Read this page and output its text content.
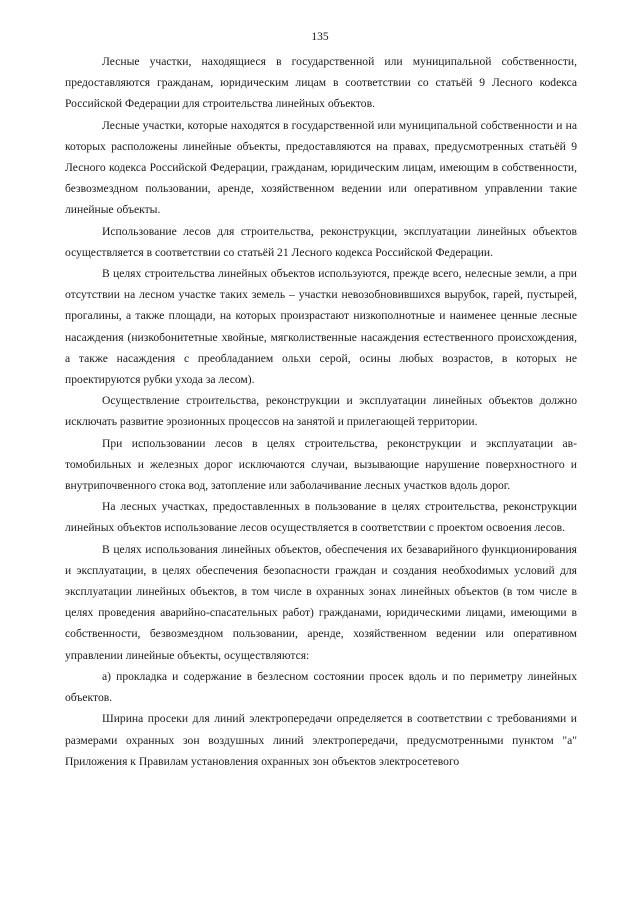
135

Лесные участки, находящиеся в государственной или муниципальной собственности, предоставляются гражданам, юридическим лицам в соответствии со статьёй 9 Лесного коdекса Российской Федерации для строительства линейных объектов.

Лесные участки, которые находятся в государственной или муниципальной собственности и на которых расположены линейные объекты, предоставляются на правах, предусмотренных статьёй 9 Лесного кодекса Российской Федерации, гражданам, юридическим лицам, имеющим в собственности, безвозмездном пользовании, аренде, хозяйственном ведении или оперативном управлении такие линейные объекты.

Использование лесов для строительства, реконструкции, эксплуатации линейных объектов осуществляется в соответствии со статьёй 21 Лесного кодекса Российской Федерации.

В целях строительства линейных объектов используются, прежде всего, нелесные земли, а при отсутствии на лесном участке таких земель – участки невозобновившихся вырубок, гарей, пустырей, прогалины, а также площади, на которых произрастают низкополнотные и наименее ценные лесные насаждения (низкобонитетные хвойные, мягколиственные насаждения естественного происхождения, а также насаждения с преобладанием ольхи серой, осины любых возрастов, в которых не проектируются рубки ухода за лесом).

Осуществление строительства, реконструкции и эксплуатации линейных объектов должно исключать развитие эрозионных процессов на занятой и прилегающей территории.

При использовании лесов в целях строительства, реконструкции и эксплуатации автомобильных и железных дорог исключаются случаи, вызывающие нарушение поверхностного и внутрипочвенного стока вод, затопление или заболачивание лесных участков вдоль дорог.

На лесных участках, предоставленных в пользование в целях строительства, реконструкции линейных объектов использование лесов осуществляется в соответствии с проектом освоения лесов.

В целях использования линейных объектов, обеспечения их безаварийного функционирования и эксплуатации, в целях обеспечения безопасности граждан и создания необхоdимых условий для эксплуатации линейных объектов, в том числе в охранных зонах линейных объектов (в том числе в целях проведения аварийно-спасательных работ) гражданами, юридическими лицами, имеющими в собственности, безвозмездном пользовании, аренде, хозяйственном ведении или оперативном управлении линейные объекты, осуществляются:

а) прокладка и содержание в безлесном состоянии просек вдоль и по периметру линейных объектов.

Ширина просеки для линий электропередачи определяется в соответствии с требованиями и размерами охранных зон воздушных линий электропередачи, предусмотренными пунктом "а" Приложения к Правилам установления охранных зон объектов электросетевого
